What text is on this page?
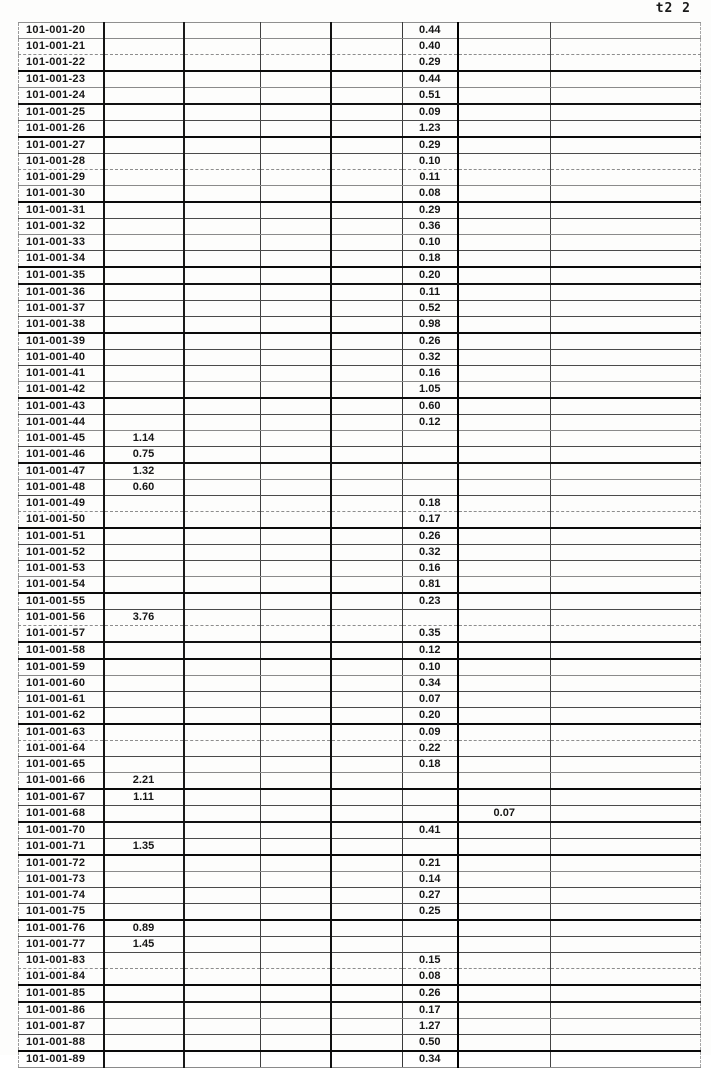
t2 2
101-001-20					0.44		
101-001-21					0.40		
101-001-22					0.29		
101-001-23					0.44		
101-001-24					0.51		
101-001-25					0.09		
101-001-26					1.23		
101-001-27					0.29		
101-001-28					0.10		
101-001-29					0.11		
101-001-30					0.08		
101-001-31					0.29		
101-001-32					0.36		
101-001-33					0.10		
101-001-34					0.18		
101-001-35					0.20		
101-001-36					0.11		
101-001-37					0.52		
101-001-38					0.98		
101-001-39					0.26		
101-001-40					0.32		
101-001-41					0.16		
101-001-42					1.05		
101-001-43					0.60		
101-001-44					0.12		
101-001-45	1.14						
101-001-46	0.75						
101-001-47	1.32						
101-001-48	0.60						
101-001-49					0.18		
101-001-50					0.17		
101-001-51					0.26		
101-001-52					0.32		
101-001-53					0.16		
101-001-54					0.81		
101-001-55					0.23		
101-001-56	3.76						
101-001-57					0.35		
101-001-58					0.12		
101-001-59					0.10		
101-001-60					0.34		
101-001-61					0.07		
101-001-62					0.20		
101-001-63					0.09		
101-001-64					0.22		
101-001-65					0.18		
101-001-66	2.21						
101-001-67	1.11						
101-001-68						0.07	
101-001-70					0.41		
101-001-71	1.35						
101-001-72					0.21		
101-001-73					0.14		
101-001-74					0.27		
101-001-75					0.25		
101-001-76	0.89						
101-001-77	1.45						
101-001-83					0.15		
101-001-84					0.08		
101-001-85					0.26		
101-001-86					0.17		
101-001-87					1.27		
101-001-88					0.50		
101-001-89					0.34		
